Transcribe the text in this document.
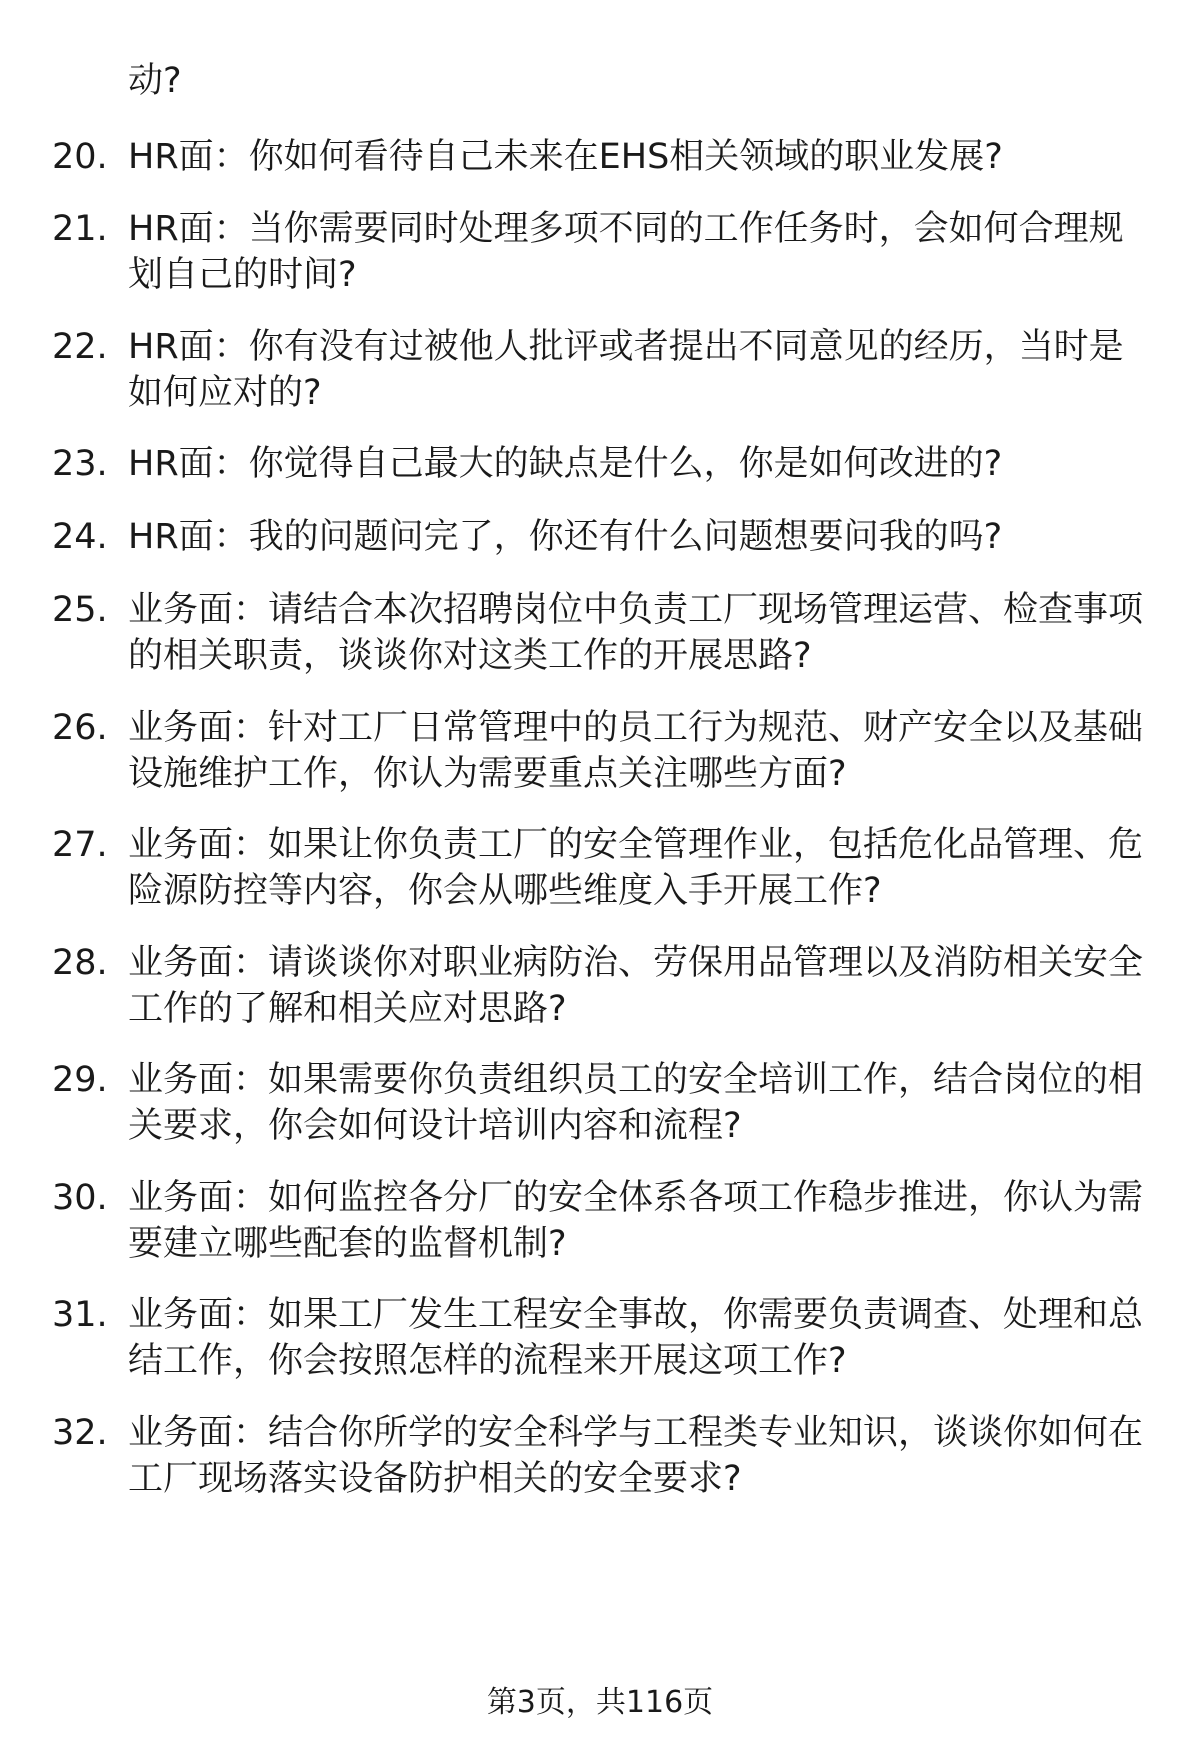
​
动?
20. HR面：你如何看待自己未来在EHS相关领域的职业发展?
21. HR面：当你需要同时处理多项不同的工作任务时，会如何合理规划自己的时间?
22. HR面：你有没有过被他人批评或者提出不同意见的经历，当时是如何应对的?
23. HR面：你觉得自己最大的缺点是什么，你是如何改进的?
24. HR面：我的问题问完了，你还有什么问题想要问我的吗?
25. 业务面：请结合本次招聘岗位中负责工厂现场管理运营、检查事项的相关职责，谈谈你对这类工作的开展思路?
26. 业务面：针对工厂日常管理中的员工行为规范、财产安全以及基础设施维护工作，你认为需要重点关注哪些方面?
27. 业务面：如果让你负责工厂的安全管理作业，包括危化品管理、危险源防控等内容，你会从哪些维度入手开展工作?
28. 业务面：请谈谈你对职业病防治、劳保用品管理以及消防相关安全工作的了解和相关应对思路?
29. 业务面：如果需要你负责组织员工的安全培训工作，结合岗位的相关要求，你会如何设计培训内容和流程?
30. 业务面：如何监控各分厂的安全体系各项工作稳步推进，你认为需要建立哪些配套的监督机制?
31. 业务面：如果工厂发生工程安全事故，你需要负责调查、处理和总结工作，你会按照怎样的流程来开展这项工作?
32. 业务面：结合你所学的安全科学与工程类专业知识，谈谈你如何在工厂现场落实设备防护相关的安全要求?
第3页，共116页
